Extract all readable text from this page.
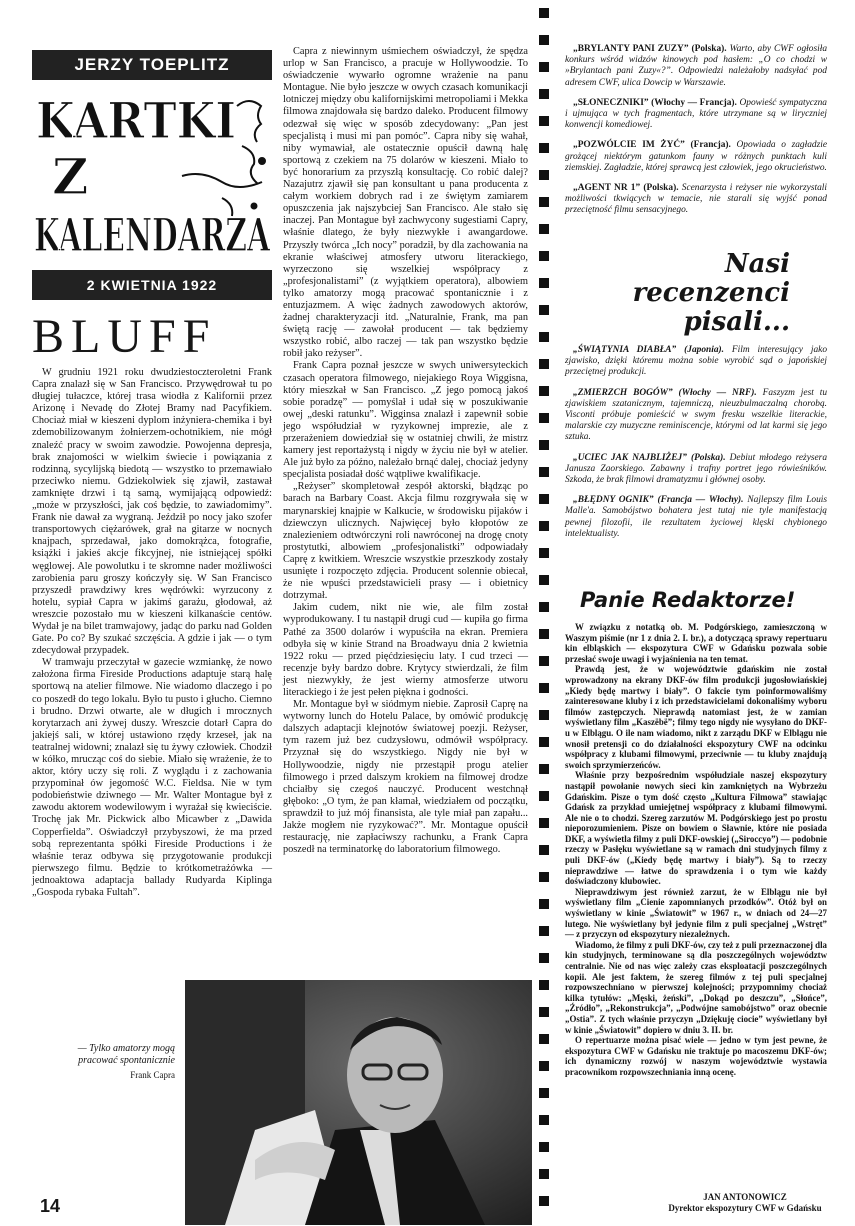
JERZY TOEPLITZ
KARTKI
Z
KALENDARZA
2 KWIETNIA 1922
BLUFF

W grudniu 1921 roku dwudziestoczteroletni Frank Capra znalazł się w San Francisco. Przywędrował tu po długiej tułaczce, której trasa wiodła z Kalifornii przez Arizonę i Nevadę do Złotej Bramy nad Pacyfikiem. Chociaż miał w kieszeni dyplom inżyniera-chemika i był zdemobilizowanym żołnierzem-ochotnikiem, nie mógł znaleźć pracy w swoim zawodzie. Powojenna depresja, brak znajomości w wielkim świecie i powiązania z rodzinną, sycylijską biedotą — wszystko to przemawiało przeciwko niemu. Gdziekolwiek się zjawił, zastawał zamknięte drzwi i tą samą, wymijającą odpowiedź: „może w przyszłości, jak coś będzie, to zawiadomimy”. Frank nie dawał za wygraną. Jeździł po nocy jako szofer transportowych ciężarówek, grał na gitarze w nocnych knajpach, sprzedawał, jako domokrążca, fotografie, książki i jakieś akcje fikcyjnej, nie istniejącej spółki węglowej. Ale powolutku i te skromne nader możliwości zarobienia paru groszy kończyły się. W San Francisco przyszedł prawdziwy kres wędrówki: wyrzucony z hotelu, sypiał Capra w jakimś garażu, głodował, aż wreszcie pozostało mu w kieszeni kilkanaście centów. Wydał je na bilet tramwajowy, jadąc do parku nad Golden Gate. Po co? By szukać szczęścia. A gdzie i jak — o tym zdecydował przypadek.

W tramwaju przeczytał w gazecie wzmiankę, że nowo założona firma Fireside Productions adaptuje starą halę sportową na atelier filmowe. Nie wiadomo dlaczego i po co poszedł do tego lokalu. Było tu pusto i głucho. Ciemno i brudno. Drzwi otwarte, ale w długich i mrocznych korytarzach ani żywej duszy. Wreszcie dotarł Capra do jakiejś sali, w której ustawiono rzędy krzeseł, jak na teatralnej widowni; znalazł się tu żywy człowiek. Chodził w kółko, mrucząc coś do siebie. Miało się wrażenie, że to aktor, który uczy się roli. Z wyglądu i z zachowania przypominał ów jegomość W.C. Fieldsa. Nie w tym podobieństwie dziwnego — Mr. Walter Montague był z zawodu aktorem wodewilowym i wyrażał się kwieciście. Trochę jak Mr. Pickwick albo Micawber z „Dawida Copperfielda”. Oświadczył przybyszowi, że ma przed sobą reprezentanta spółki Fireside Productions i że właśnie teraz odbywa się przygotowanie produkcji pierwszego filmu. Będzie to krótkometrażówka — jednoaktowa adaptacja ballady Rudyarda Kiplinga „Gospoda rybaka Fultah”.

Capra z niewinnym uśmiechem oświadczył, że spędza urlop w San Francisco, a pracuje w Hollywoodzie. To oświadczenie wywarło ogromne wrażenie na panu Montague. Nie było jeszcze w owych czasach komunikacji lotniczej między obu kalifornijskimi metropoliami i Mekka filmowa znajdowała się bardzo daleko. Producent filmowy odezwał się więc w sposób zdecydowany: „Pan jest specjalistą i musi mi pan pomóc”. Capra niby się wahał, niby wymawiał, ale ostatecznie opuścił dawną halę sportową z czekiem na 75 dolarów w kieszeni. Miało to być honorarium za przyszłą konsultację. Co robić dalej? Nazajutrz zjawił się pan konsultant u pana producenta z całym workiem dobrych rad i ze świętym zamiarem opuszczenia jak najszybciej San Francisco. Ale stało się inaczej. Pan Montague był zachwycony sugestiami Capry, właśnie dlatego, że były niezwykłe i awangardowe. Przyszły twórca „Ich nocy” poradził, by dla zachowania na ekranie właściwej atmosfery utworu literackiego, wyrzeczono się wszelkiej współpracy z „profesjonalistami” (z wyjątkiem operatora), albowiem tylko amatorzy mogą pracować spontanicznie i z entuzjazmem. A więc żadnych zawodowych aktorów, żadnej charakteryzacji itd. „Naturalnie, Frank, ma pan świętą rację — zawołał producent — tak będziemy wszystko robić, albo raczej — tak pan wszystko będzie robił jako reżyser”.

Frank Capra poznał jeszcze w swych uniwersyteckich czasach operatora filmowego, niejakiego Roya Wiggisna, który mieszkał w San Francisco. „Z jego pomocą jakoś sobie poradzę” — pomyślał i udał się w poszukiwanie owej „deski ratunku”. Wigginsa znalazł i zapewnił sobie jego współudział w ryzykownej imprezie, ale z przerażeniem dowiedział się w ostatniej chwili, że mistrz kamery jest reportażystą i nigdy w życiu nie był w atelier. Ale już było za późno, należało brnąć dalej, chociaż jedyny specjalista posiadał dość wątpliwe kwalifikacje.

„Reżyser” skompletował zespół aktorski, błądząc po barach na Barbary Coast. Akcja filmu rozgrywała się w marynarskiej knajpie w Kalkucie, w środowisku pijaków i dziewczyn ulicznych. Najwięcej było kłopotów ze znalezieniem odtwórczyni roli nawróconej na drogę cnoty prostytutki, albowiem „profesjonalistki” odpowiadały Caprę z kwitkiem. Wreszcie wszystkie przeszkody zostały usunięte i rozpoczęto zdjęcia. Producent solennie obiecał, że nie wpuści przedstawicieli prasy — i obietnicy dotrzymał.

Jakim cudem, nikt nie wie, ale film został wyprodukowany. I tu nastąpił drugi cud — kupiła go firma Pathé za 3500 dolarów i wypuściła na ekran. Premiera odbyła się w kinie Strand na Broadwayu dnia 2 kwietnia 1922 roku — przed pięćdziesięciu laty. I cud trzeci — recenzje były bardzo dobre. Krytycy stwierdzali, że film jest niezwykły, że jest wierny atmosferze utworu literackiego i że jest pełen piękna i godności.

Mr. Montague był w siódmym niebie. Zaprosił Caprę na wytworny lunch do Hotelu Palace, by omówić produkcję dalszych adaptacji klejnotów światowej poezji. Reżyser, tym razem już bez cudzysłowu, odmówił współpracy. Przyznał się do wszystkiego. Nigdy nie był w Hollywoodzie, nigdy nie przestąpił progu atelier filmowego i przed dalszym krokiem na filmowej drodze chciałby się czegoś nauczyć. Producent westchnął głęboko: „O tym, że pan kłamał, wiedziałem od początku, sprawdził to już mój finansista, ale tyle miał pan zapału... Jakże mogłem nie ryzykować?”. Mr. Montague opuścił restaurację, nie zapłaciwszy rachunku, a Frank Capra poszedł na terminatorkę do laboratorium filmowego.

— Tylko amatorzy mogą pracować spontanicznie
Frank Capra
14

„BRYLANTY PANI ZUZY” (Polska). Warto, aby CWF ogłosiła konkurs wśród widzów kinowych pod hasłem: „O co chodzi w »Brylantach pani Zuzy«?”. Odpowiedzi należałoby nadsyłać pod adresem CWF, ulica Dowcip w Warszawie.

„SŁONECZNIKI” (Włochy — Francja). Opowieść sympatyczna i ujmująca w tych fragmentach, które utrzymane są w liryczniej konwencji komediowej.

„POZWÓLCIE IM ŻYĆ” (Francja). Opowiada o zagładzie grożącej niektórym gatunkom fauny w różnych punktach kuli ziemskiej. Zagładzie, której sprawcą jest człowiek, jego okrucieństwo.

„AGENT NR 1” (Polska). Scenarzysta i reżyser nie wykorzystali możliwości tkwiących w temacie, nie starali się wyjść ponad przeciętność filmu sensacyjnego.

Nasi
recenzenci
pisali...

„ŚWIĄTYNIA DIABŁA” (Japonia). Film interesujący jako zjawisko, dzięki któremu można sobie wyrobić sąd o japońskiej przeciętnej produkcji.

„ZMIERZCH BOGÓW” (Włochy — NRF). Faszyzm jest tu zjawiskiem szatanicznym, tajemniczą, nieuzbulmaczalną chorobą. Visconti próbuje pomieścić w swym fresku wszelkie literackie, malarskie czy muzyczne reminiscencje, którymi od lat karmi się jego sztuka.

„UCIEC JAK NAJBLIŻEJ” (Polska). Debiut młodego reżysera Janusza Zaorskiego. Zabawny i trafny portret jego rówieśników. Szkoda, że brak filmowi dramatyzmu i głównej osoby.

„BŁĘDNY OGNIK” (Francja — Włochy). Najlepszy film Louis Malle'a. Samobójstwo bohatera jest tutaj nie tyle manifestacją pewnej filozofii, ile rezultatem życiowej klęski chybionego intelektualisty.

Panie Redaktorze!

W związku z notatką ob. M. Podgórskiego, zamieszczoną w Waszym piśmie (nr 1 z dnia 2. I. br.), a dotyczącą sprawy repertuaru kin elbląskich — ekspozytura CWF w Gdańsku pozwala sobie przesłać swoje uwagi i wyjaśnienia na ten temat.

Prawdą jest, że w województwie gdańskim nie został wprowadzony na ekrany DKF-ów film produkcji jugosłowiańskiej „Kiedy będę martwy i biały”. O fakcie tym poinformowaliśmy zainteresowane kluby i z ich przedstawicielami dokonaliśmy wyboru filmów zastępczych. Nieprawdą natomiast jest, że w zamian wyświetlany film „Kaszëbë”; filmy tego nigdy nie wysyłano do DKF-u w Elblągu. O ile nam wiadomo, nikt z zarządu DKF w Elblągu nie wnosił pretensji co do działalności ekspozytury CWF na odcinku współpracy z klubami filmowymi, przeciwnie — tu kluby znajdują swoich sprzymierzeńców.

Właśnie przy bezpośrednim współudziale naszej ekspozytury nastąpił powołanie nowych sieci kin zamkniętych na Wybrzeżu Gdańskim. Pisze o tym dość często „Kultura Filmowa” stawiając Gdańsk za przykład umiejętnej współpracy z klubami filmowymi. Ale nie o to chodzi. Szereg zarzutów M. Podgórskiego jest po prostu nieporozumieniem. Pisze on bowiem o Sławnie, które nie posiada DKF, a wyświetla filmy z puli DKF-owskiej („Siroccyo”) — podobnie rzeczy w Pasłęku wyświetlane są w ramach dni studyjnych filmy z puli DKF-ów („Kiedy będę martwy i biały”). Są to rzeczy nieprawdziwe — łatwe do sprawdzenia i o tym wie każdy doświadczony klubowiec.

Nieprawdziwym jest również zarzut, że w Elblągu nie był wyświetlany film „Cienie zapomnianych przodków”. Otóż był on wyświetlany w kinie „Światowit” w 1967 r., w dniach od 24—27 lutego. Nie wyświetlany był jedynie film z puli specjalnej „Wstręt” — z przyczyn od ekspozytury niezależnych.

Wiadomo, że filmy z puli DKF-ów, czy też z puli przeznaczonej dla kin studyjnych, terminowane są dla poszczególnych województw centralnie. Nie od nas więc zależy czas eksploatacji poszczególnych kopii. Ale jest faktem, że szereg filmów z tej puli specjalnej rozpowszechniano w pierwszej kolejności; przypomnimy chociaż kilka tytułów: „Męski, żeński”, „Dokąd po deszczu”, „Słońce”, „Źródło”, „Rekonstrukcja”, „Podwójne samobójstwo” oraz obecnie „Ostia”. Z tych właśnie przyczyn „Dziękuję ciocie” wyświetlany był w kinie „Światowit” dopiero w dniu 3. II. br.

O repertuarze można pisać wiele — jedno w tym jest pewne, że ekspozytura CWF w Gdańsku nie traktuje po macoszemu DKF-ów; ich dynamiczny rozwój w naszym województwie wystawia pracownikom rozpowszechniania inną ocenę.

JAN ANTONOWICZ
Dyrektor ekspozytury CWF w Gdańsku
